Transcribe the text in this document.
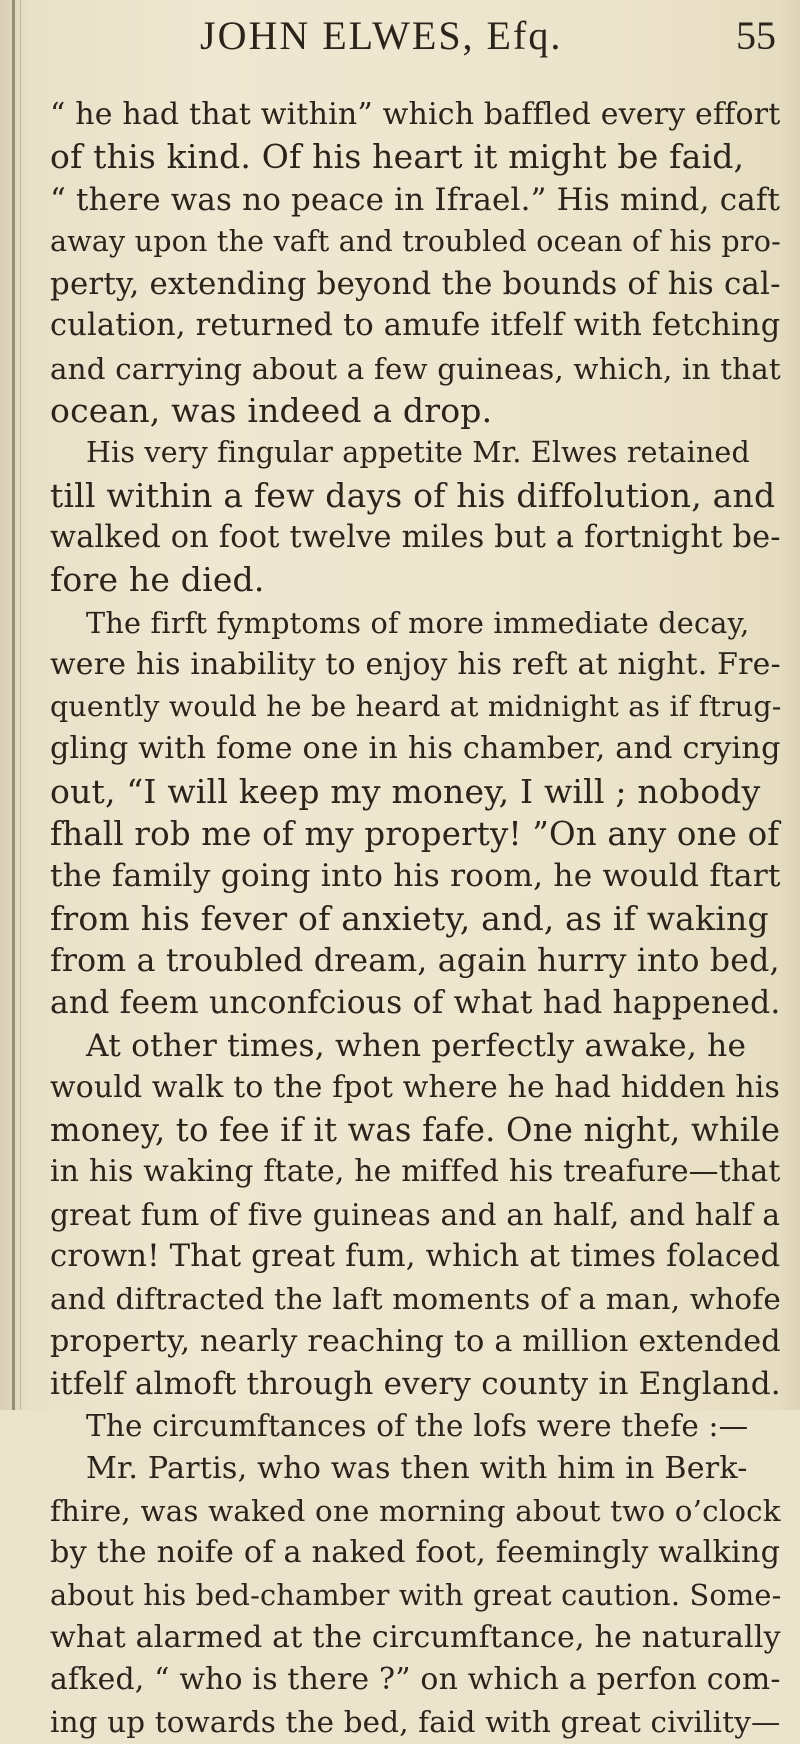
JOHN ELWES, Efq.	55
“ he had that within” which baffled every effort
of this kind. Of his heart it might be faid,
“ there was no peace in Ifrael.” His mind, caft
away upon the vaft and troubled ocean of his pro-
perty, extending beyond the bounds of his cal-
culation, returned to amufe itfelf with fetching
and carrying about a few guineas, which, in that
ocean, was indeed a drop.
His very fingular appetite Mr. Elwes retained
till within a few days of his diffolution, and
walked on foot twelve miles but a fortnight be-
fore he died.
The firft fymptoms of more immediate decay,
were his inability to enjoy his reft at night. Fre-
quently would he be heard at midnight as if ftrug-
gling with fome one in his chamber, and crying
out, “I will keep my money, I will ; nobody
fhall rob me of my property! ”On any one of
the family going into his room, he would ftart
from his fever of anxiety, and, as if waking
from a troubled dream, again hurry into bed,
and feem unconfcious of what had happened.
At other times, when perfectly awake, he
would walk to the fpot where he had hidden his
money, to fee if it was fafe. One night, while
in his waking ftate, he miffed his treafure—that
great fum of five guineas and an half, and half a
crown! That great fum, which at times folaced
and diftracted the laft moments of a man, whofe
property, nearly reaching to a million extended
itfelf almoft through every county in England.
The circumftances of the lofs were thefe :—
Mr. Partis, who was then with him in Berk-
fhire, was waked one morning about two o’clock
by the noife of a naked foot, feemingly walking
about his bed-chamber with great caution. Some-
what alarmed at the circumftance, he naturally
afked, “ who is there ?” on which a perfon com-
ing up towards the bed, faid with great civility—
